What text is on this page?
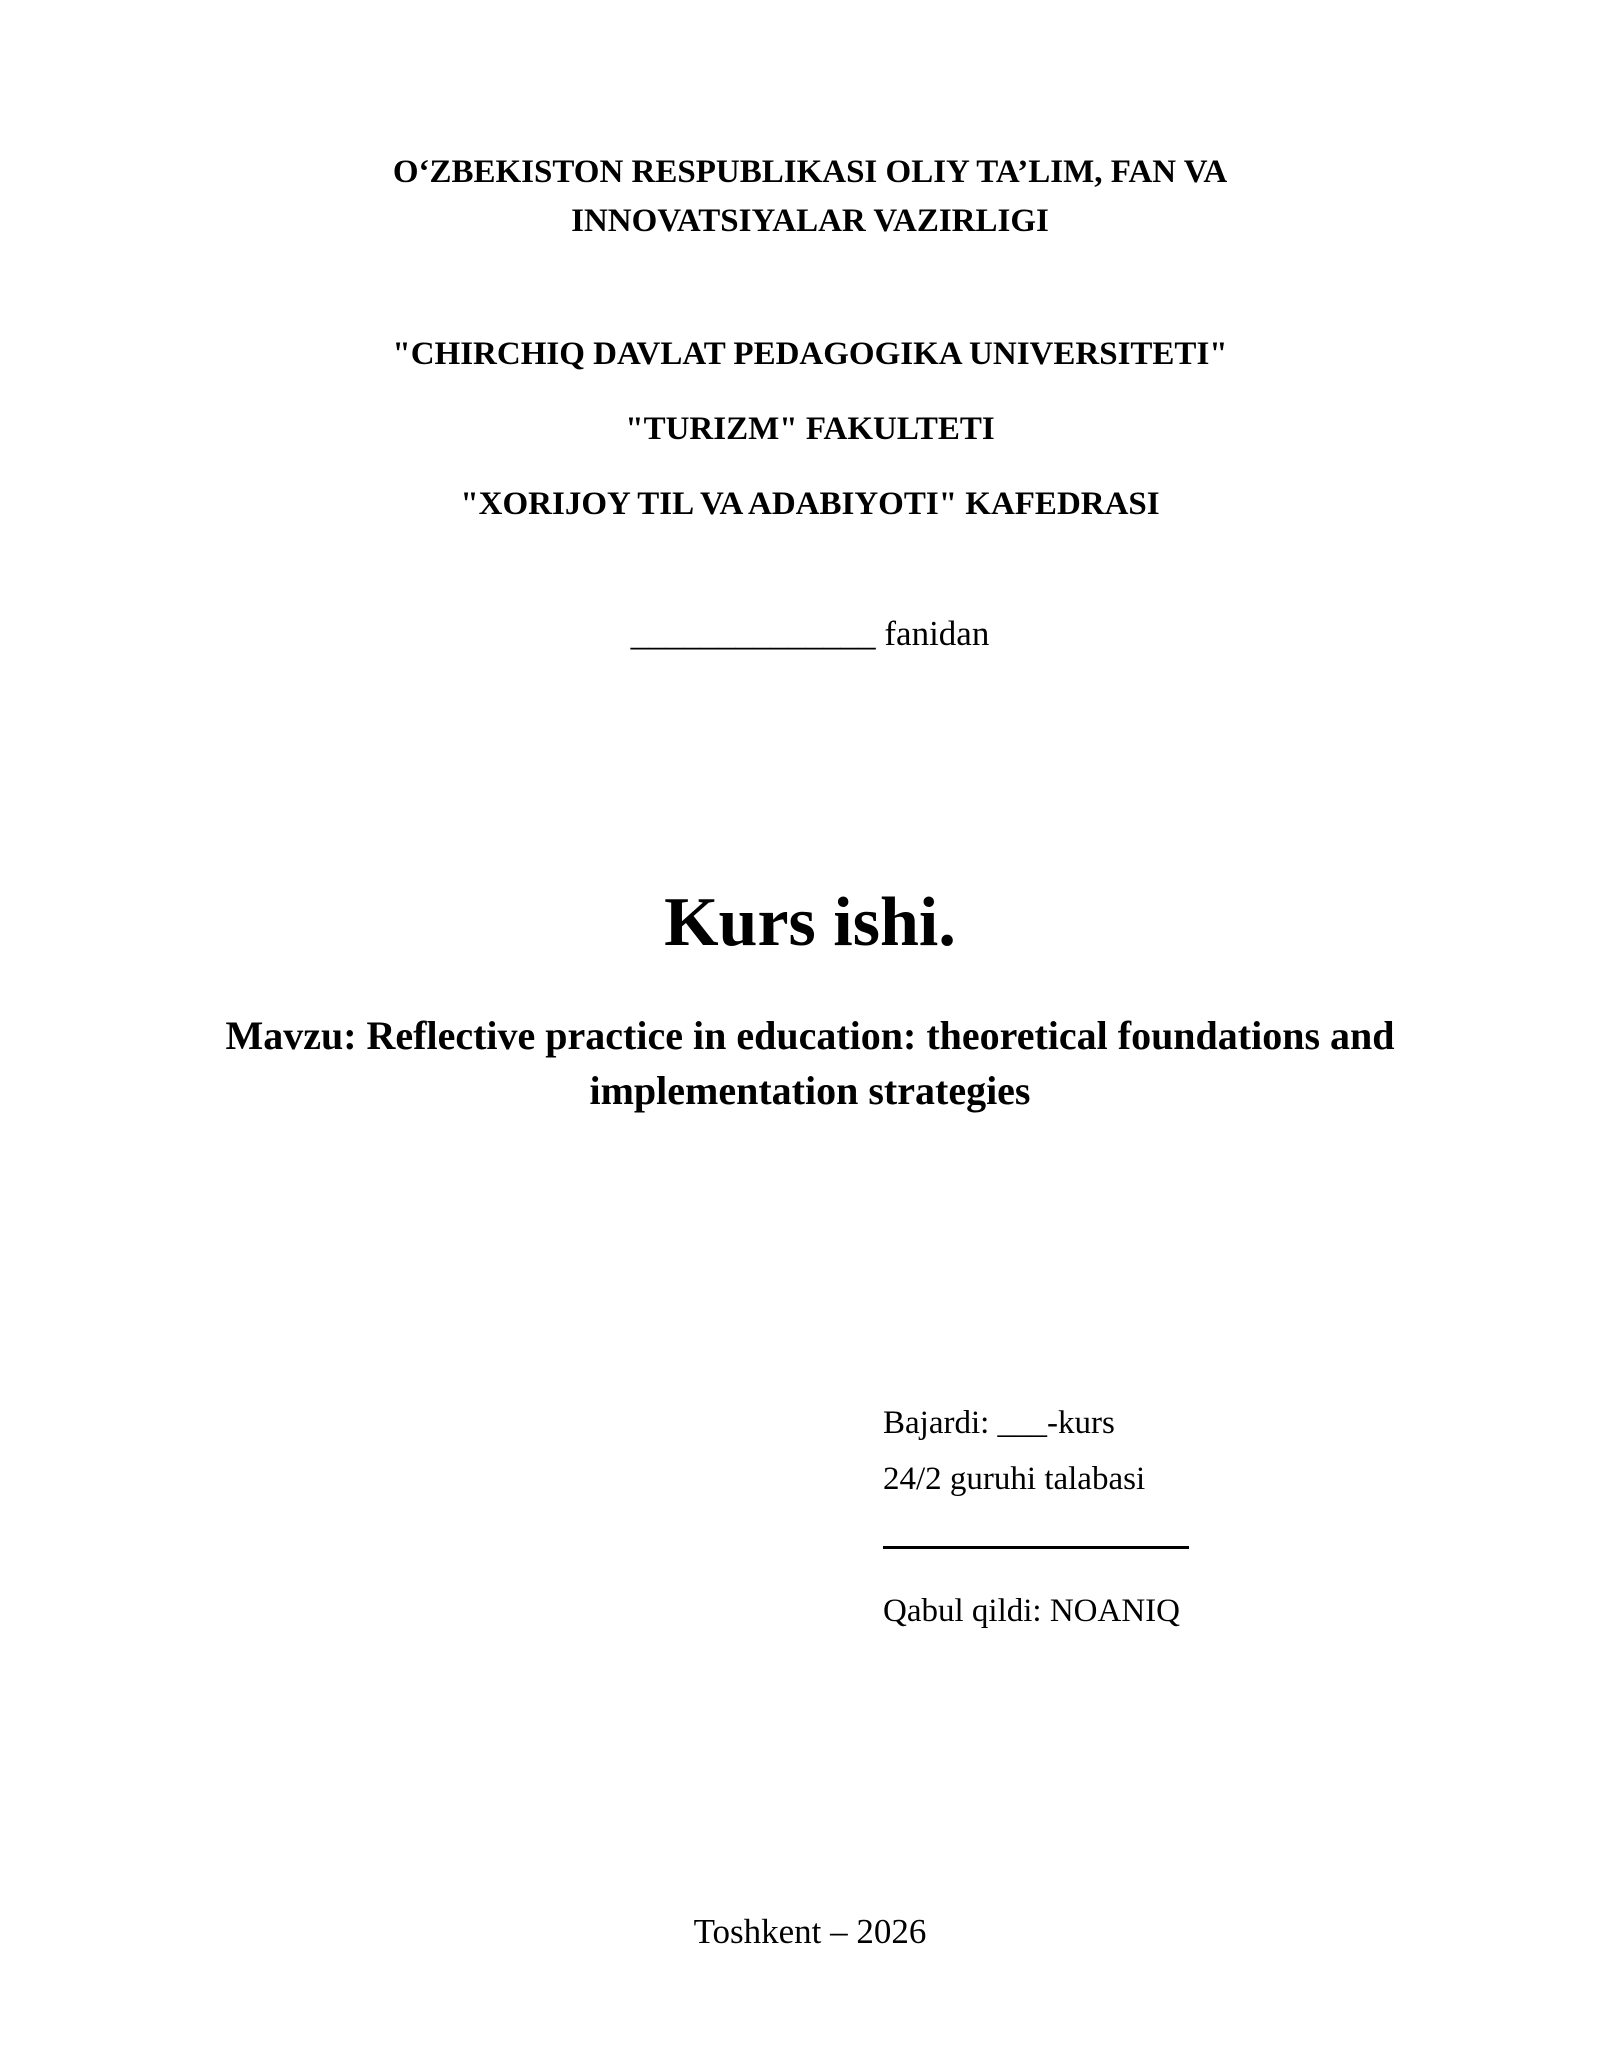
O‘ZBEKISTON RESPUBLIKASI OLIY TA’LIM, FAN VA
INNOVATSIYALAR VAZIRLIGI
"CHIRCHIQ DAVLAT PEDAGOGIKA UNIVERSITETI"
"TURIZM" FAKULTETI
"XORIJOY TIL VA ADABIYOTI" KAFEDRASI
______________ fanidan
Kurs ishi.
Mavzu: Reflective practice in education: theoretical foundations and
implementation strategies
Bajardi: ___-kurs
24/2 guruhi talabasi
Qabul qildi: NOANIQ
Toshkent – 2026
